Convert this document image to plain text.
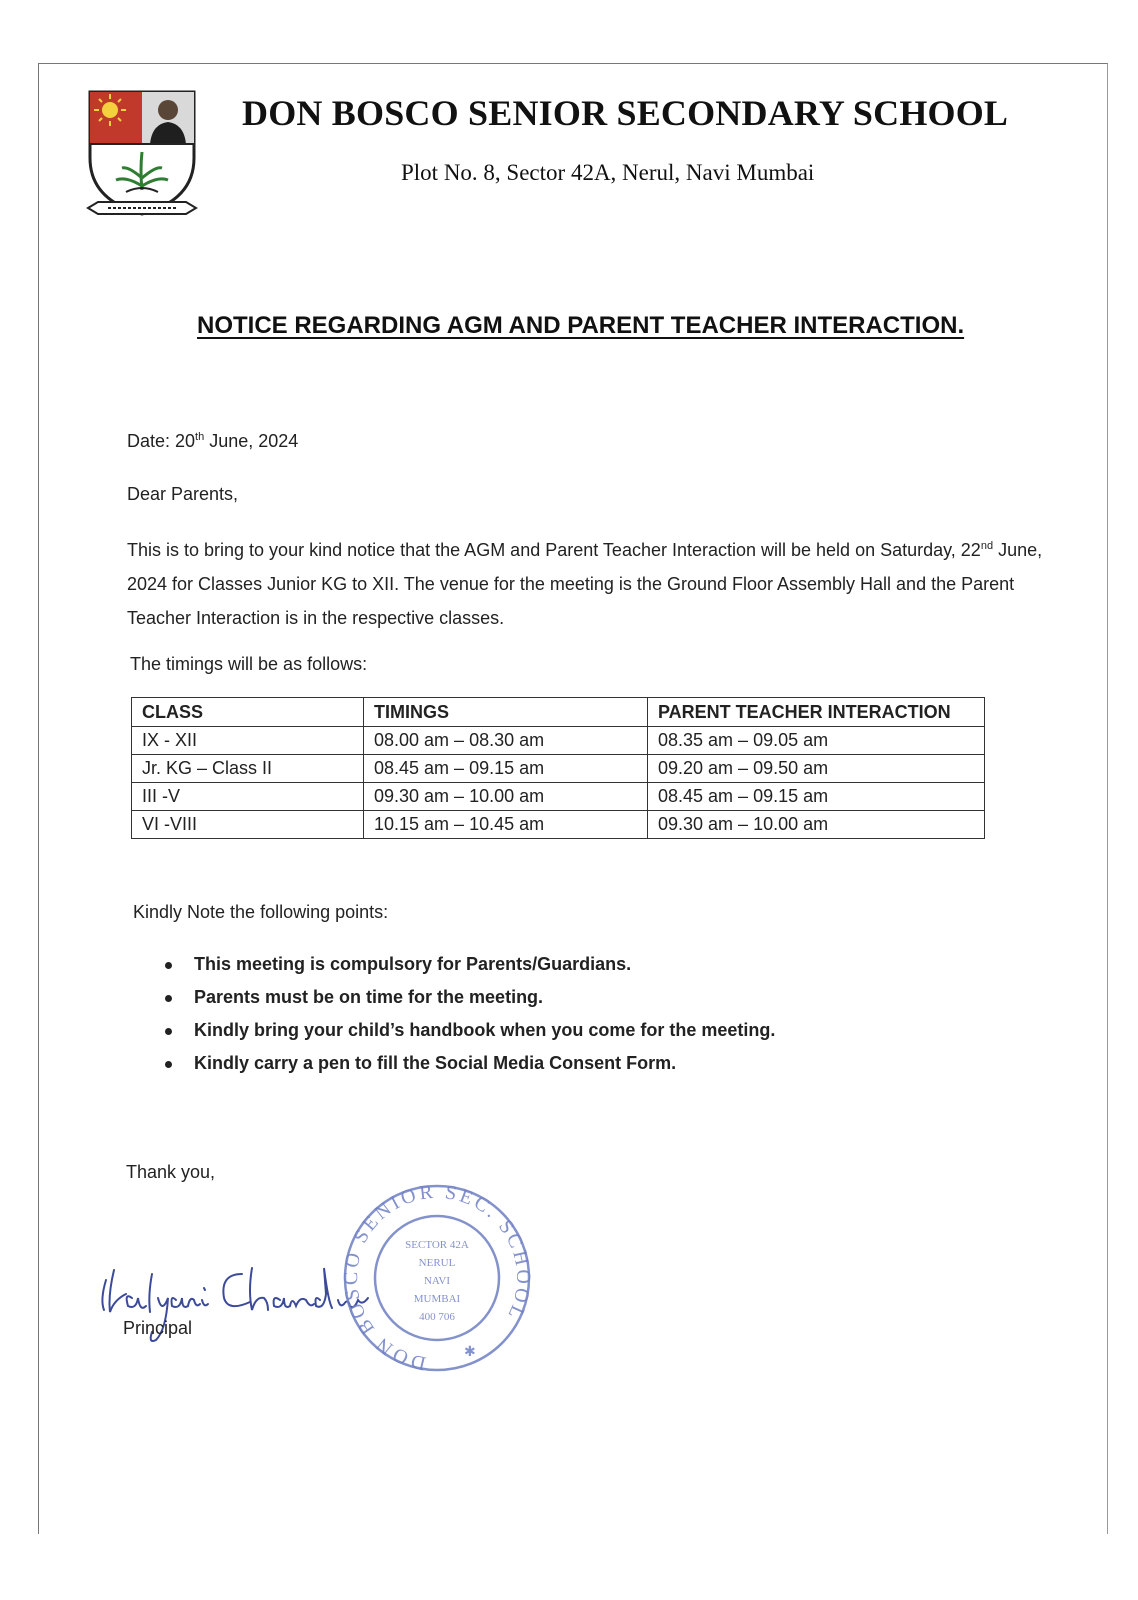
DON BOSCO SENIOR SECONDARY SCHOOL
Plot No. 8, Sector 42A, Nerul, Navi Mumbai
NOTICE REGARDING AGM AND PARENT TEACHER INTERACTION.
Date: 20th June, 2024
Dear Parents,
This is to bring to your kind notice that the AGM and Parent Teacher Interaction will be held on Saturday, 22nd June, 2024 for Classes Junior KG to XII. The venue for the meeting is the Ground Floor Assembly Hall and the Parent Teacher Interaction is in the respective classes.
The timings will be as follows:
CLASS	TIMINGS	PARENT TEACHER INTERACTION
IX - XII	08.00 am – 08.30 am	08.35 am – 09.05 am
Jr. KG – Class II	08.45 am – 09.15 am	09.20 am – 09.50 am
III -V	09.30 am – 10.00 am	08.45 am – 09.15 am
VI -VIII	10.15 am – 10.45 am	09.30 am – 10.00 am
Kindly Note the following points:
This meeting is compulsory for Parents/Guardians.
Parents must be on time for the meeting.
Kindly bring your child’s handbook when you come for the meeting.
Kindly carry a pen to fill the Social Media Consent Form.
Thank you,
Principal
DON BOSCO SENIOR SEC. SCHOOL
SECTOR 42A
NERUL
NAVI
MUMBAI
400 706
✱
